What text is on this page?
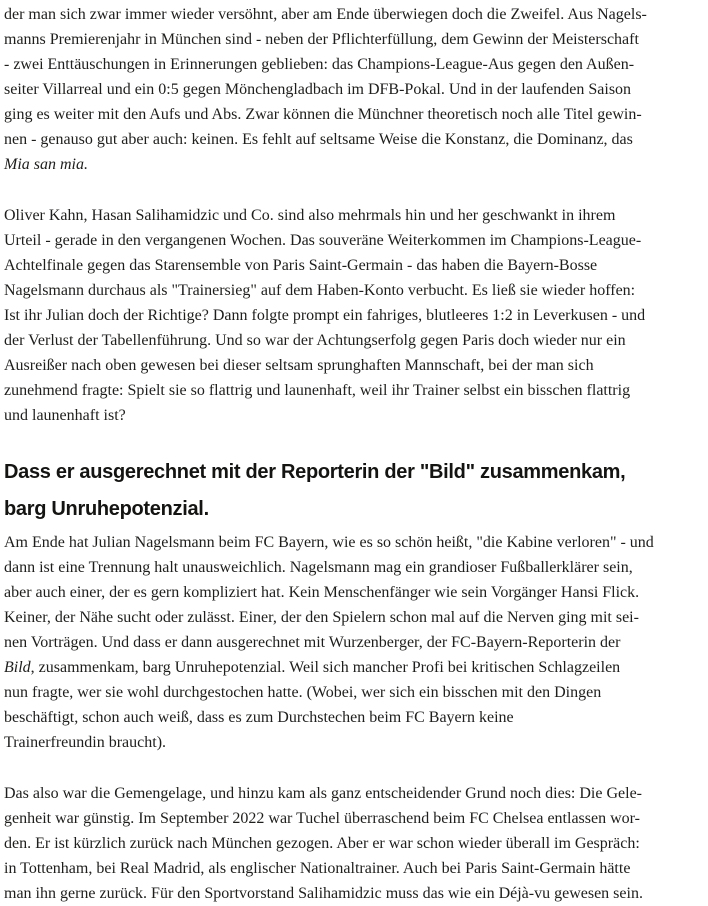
der man sich zwar immer wieder versöhnt, aber am Ende überwiegen doch die Zweifel. Aus Nagels-
manns Premierenjahr in München sind - neben der Pflichterfüllung, dem Gewinn der Meisterschaft
- zwei Enttäuschungen in Erinnerungen geblieben: das Champions-League-Aus gegen den Außen-
seiter Villarreal und ein 0:5 gegen Mönchengladbach im DFB-Pokal. Und in der laufenden Saison
ging es weiter mit den Aufs und Abs. Zwar können die Münchner theoretisch noch alle Titel gewin-
nen - genauso gut aber auch: keinen. Es fehlt auf seltsame Weise die Konstanz, die Dominanz, das
Mia san mia.

Oliver Kahn, Hasan Salihamidzic und Co. sind also mehrmals hin und her geschwankt in ihrem
Urteil - gerade in den vergangenen Wochen. Das souveräne Weiterkommen im Champions-League-
Achtelfinale gegen das Starensemble von Paris Saint-Germain - das haben die Bayern-Bosse
Nagelsmann durchaus als "Trainersieg" auf dem Haben-Konto verbucht. Es ließ sie wieder hoffen:
Ist ihr Julian doch der Richtige? Dann folgte prompt ein fahriges, blutleeres 1:2 in Leverkusen - und
der Verlust der Tabellenführung. Und so war der Achtungserfolg gegen Paris doch wieder nur ein
Ausreißer nach oben gewesen bei dieser seltsam sprunghaften Mannschaft, bei der man sich
zunehmend fragte: Spielt sie so flattrig und launenhaft, weil ihr Trainer selbst ein bisschen flattrig
und launenhaft ist?

Dass er ausgerechnet mit der Reporterin der "Bild" zusammenkam,
barg Unruhepotenzial.

Am Ende hat Julian Nagelsmann beim FC Bayern, wie es so schön heißt, "die Kabine verloren" - und
dann ist eine Trennung halt unausweichlich. Nagelsmann mag ein grandioser Fußballerklärer sein,
aber auch einer, der es gern kompliziert hat. Kein Menschenfänger wie sein Vorgänger Hansi Flick.
Keiner, der Nähe sucht oder zulässt. Einer, der den Spielern schon mal auf die Nerven ging mit sei-
nen Vorträgen. Und dass er dann ausgerechnet mit Wurzenberger, der FC-Bayern-Reporterin der
Bild, zusammenkam, barg Unruhepotenzial. Weil sich mancher Profi bei kritischen Schlagzeilen
nun fragte, wer sie wohl durchgestochen hatte. (Wobei, wer sich ein bisschen mit den Dingen
beschäftigt, schon auch weiß, dass es zum Durchstechen beim FC Bayern keine
Trainerfreundin braucht).

Das also war die Gemengelage, und hinzu kam als ganz entscheidender Grund noch dies: Die Gele-
genheit war günstig. Im September 2022 war Tuchel überraschend beim FC Chelsea entlassen wor-
den. Er ist kürzlich zurück nach München gezogen. Aber er war schon wieder überall im Gespräch:
in Tottenham, bei Real Madrid, als englischer Nationaltrainer. Auch bei Paris Saint-Germain hätte
man ihn gerne zurück. Für den Sportvorstand Salihamidzic muss das wie ein Déjà-vu gewesen sein.
